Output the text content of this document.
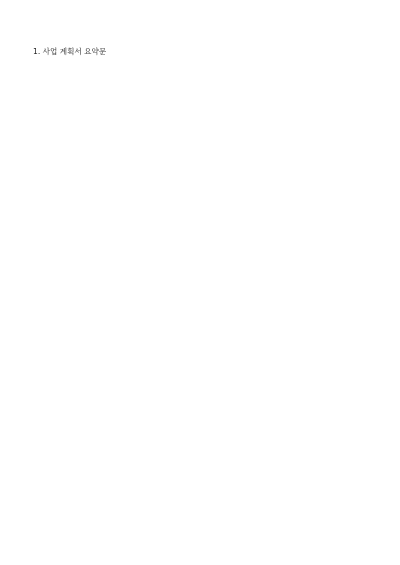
1. 사업 계획서 요약문
